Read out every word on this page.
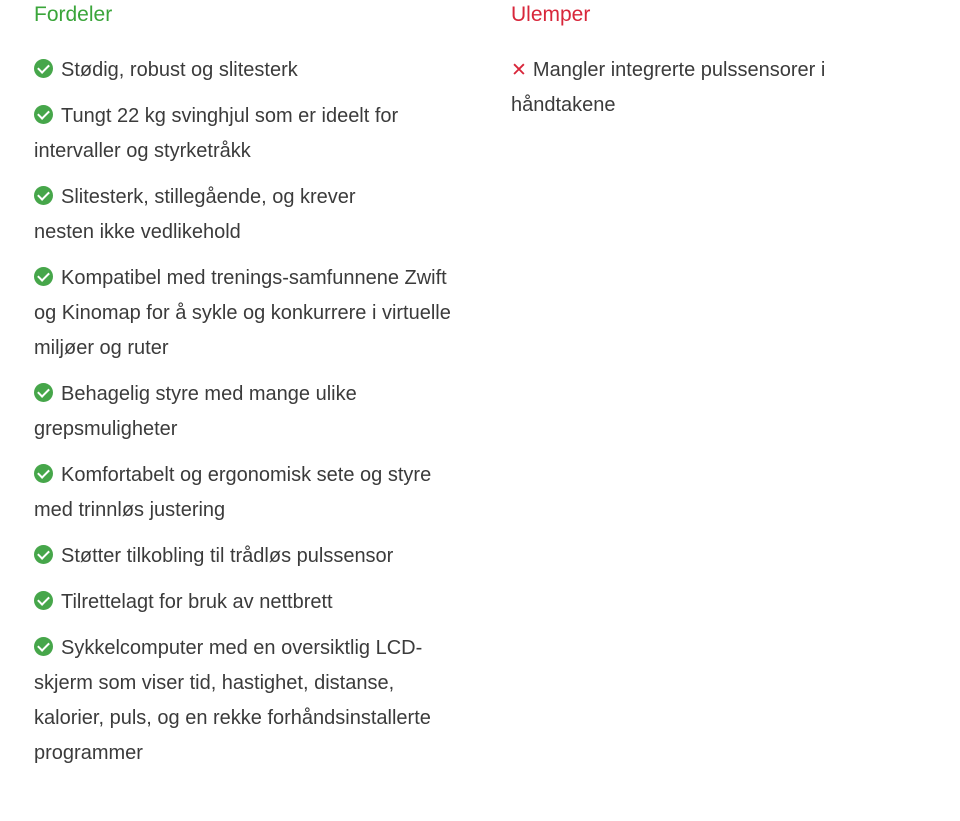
Fordeler
Stødig, robust og slitesterk
Tungt 22 kg svinghjul som er ideelt for intervaller og styrketråkk
Slitesterk, stillegående, og krever nesten ikke vedlikehold
Kompatibel med trenings-samfunnene Zwift og Kinomap for å sykle og konkurrere i virtuelle miljøer og ruter
Behagelig styre med mange ulike grepsmuligheter
Komfortabelt og ergonomisk sete og styre med trinnløs justering
Støtter tilkobling til trådløs pulssensor
Tilrettelagt for bruk av nettbrett
Sykkelcomputer med en oversiktlig LCD-skjerm som viser tid, hastighet, distanse, kalorier, puls, og en rekke forhåndsinstallerte programmer
Ulemper
✕ Mangler integrerte pulssensorer i håndtakene
